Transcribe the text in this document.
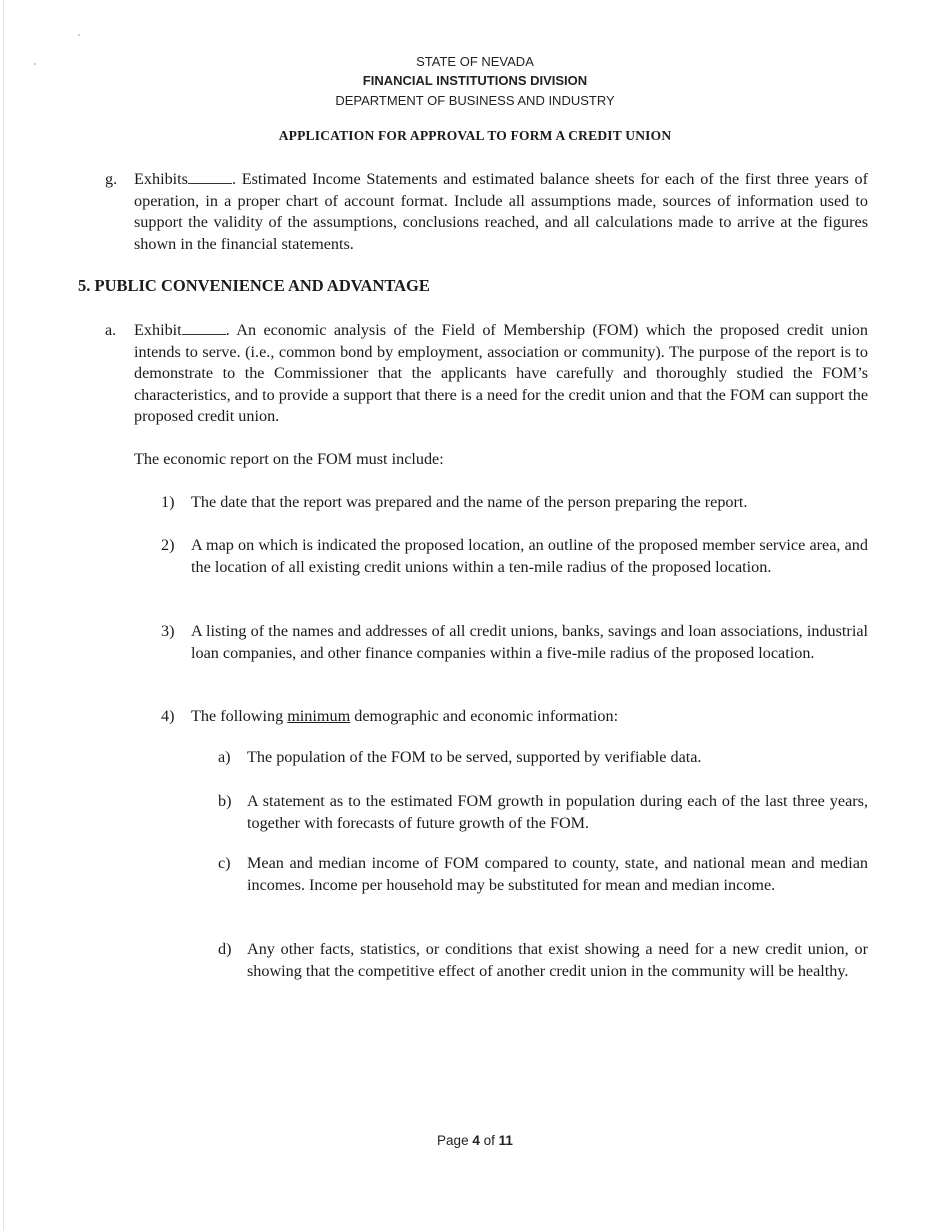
STATE OF NEVADA
FINANCIAL INSTITUTIONS DIVISION
DEPARTMENT OF BUSINESS AND INDUSTRY
APPLICATION FOR APPROVAL TO FORM A CREDIT UNION
g. Exhibits	. Estimated Income Statements and estimated balance sheets for each of the first three years of operation, in a proper chart of account format. Include all assumptions made, sources of information used to support the validity of the assumptions, conclusions reached, and all calculations made to arrive at the figures shown in the financial statements.
5. PUBLIC CONVENIENCE AND ADVANTAGE
a. Exhibit	. An economic analysis of the Field of Membership (FOM) which the proposed credit union intends to serve. (i.e., common bond by employment, association or community). The purpose of the report is to demonstrate to the Commissioner that the applicants have carefully and thoroughly studied the FOM’s characteristics, and to provide a support that there is a need for the credit union and that the FOM can support the proposed credit union.
The economic report on the FOM must include:
1) The date that the report was prepared and the name of the person preparing the report.
2) A map on which is indicated the proposed location, an outline of the proposed member service area, and the location of all existing credit unions within a ten-mile radius of the proposed location.
3) A listing of the names and addresses of all credit unions, banks, savings and loan associations, industrial loan companies, and other finance companies within a five-mile radius of the proposed location.
4) The following minimum demographic and economic information:
a) The population of the FOM to be served, supported by verifiable data.
b) A statement as to the estimated FOM growth in population during each of the last three years, together with forecasts of future growth of the FOM.
c) Mean and median income of FOM compared to county, state, and national mean and median incomes. Income per household may be substituted for mean and median income.
d) Any other facts, statistics, or conditions that exist showing a need for a new credit union, or showing that the competitive effect of another credit union in the community will be healthy.
Page 4 of 11
